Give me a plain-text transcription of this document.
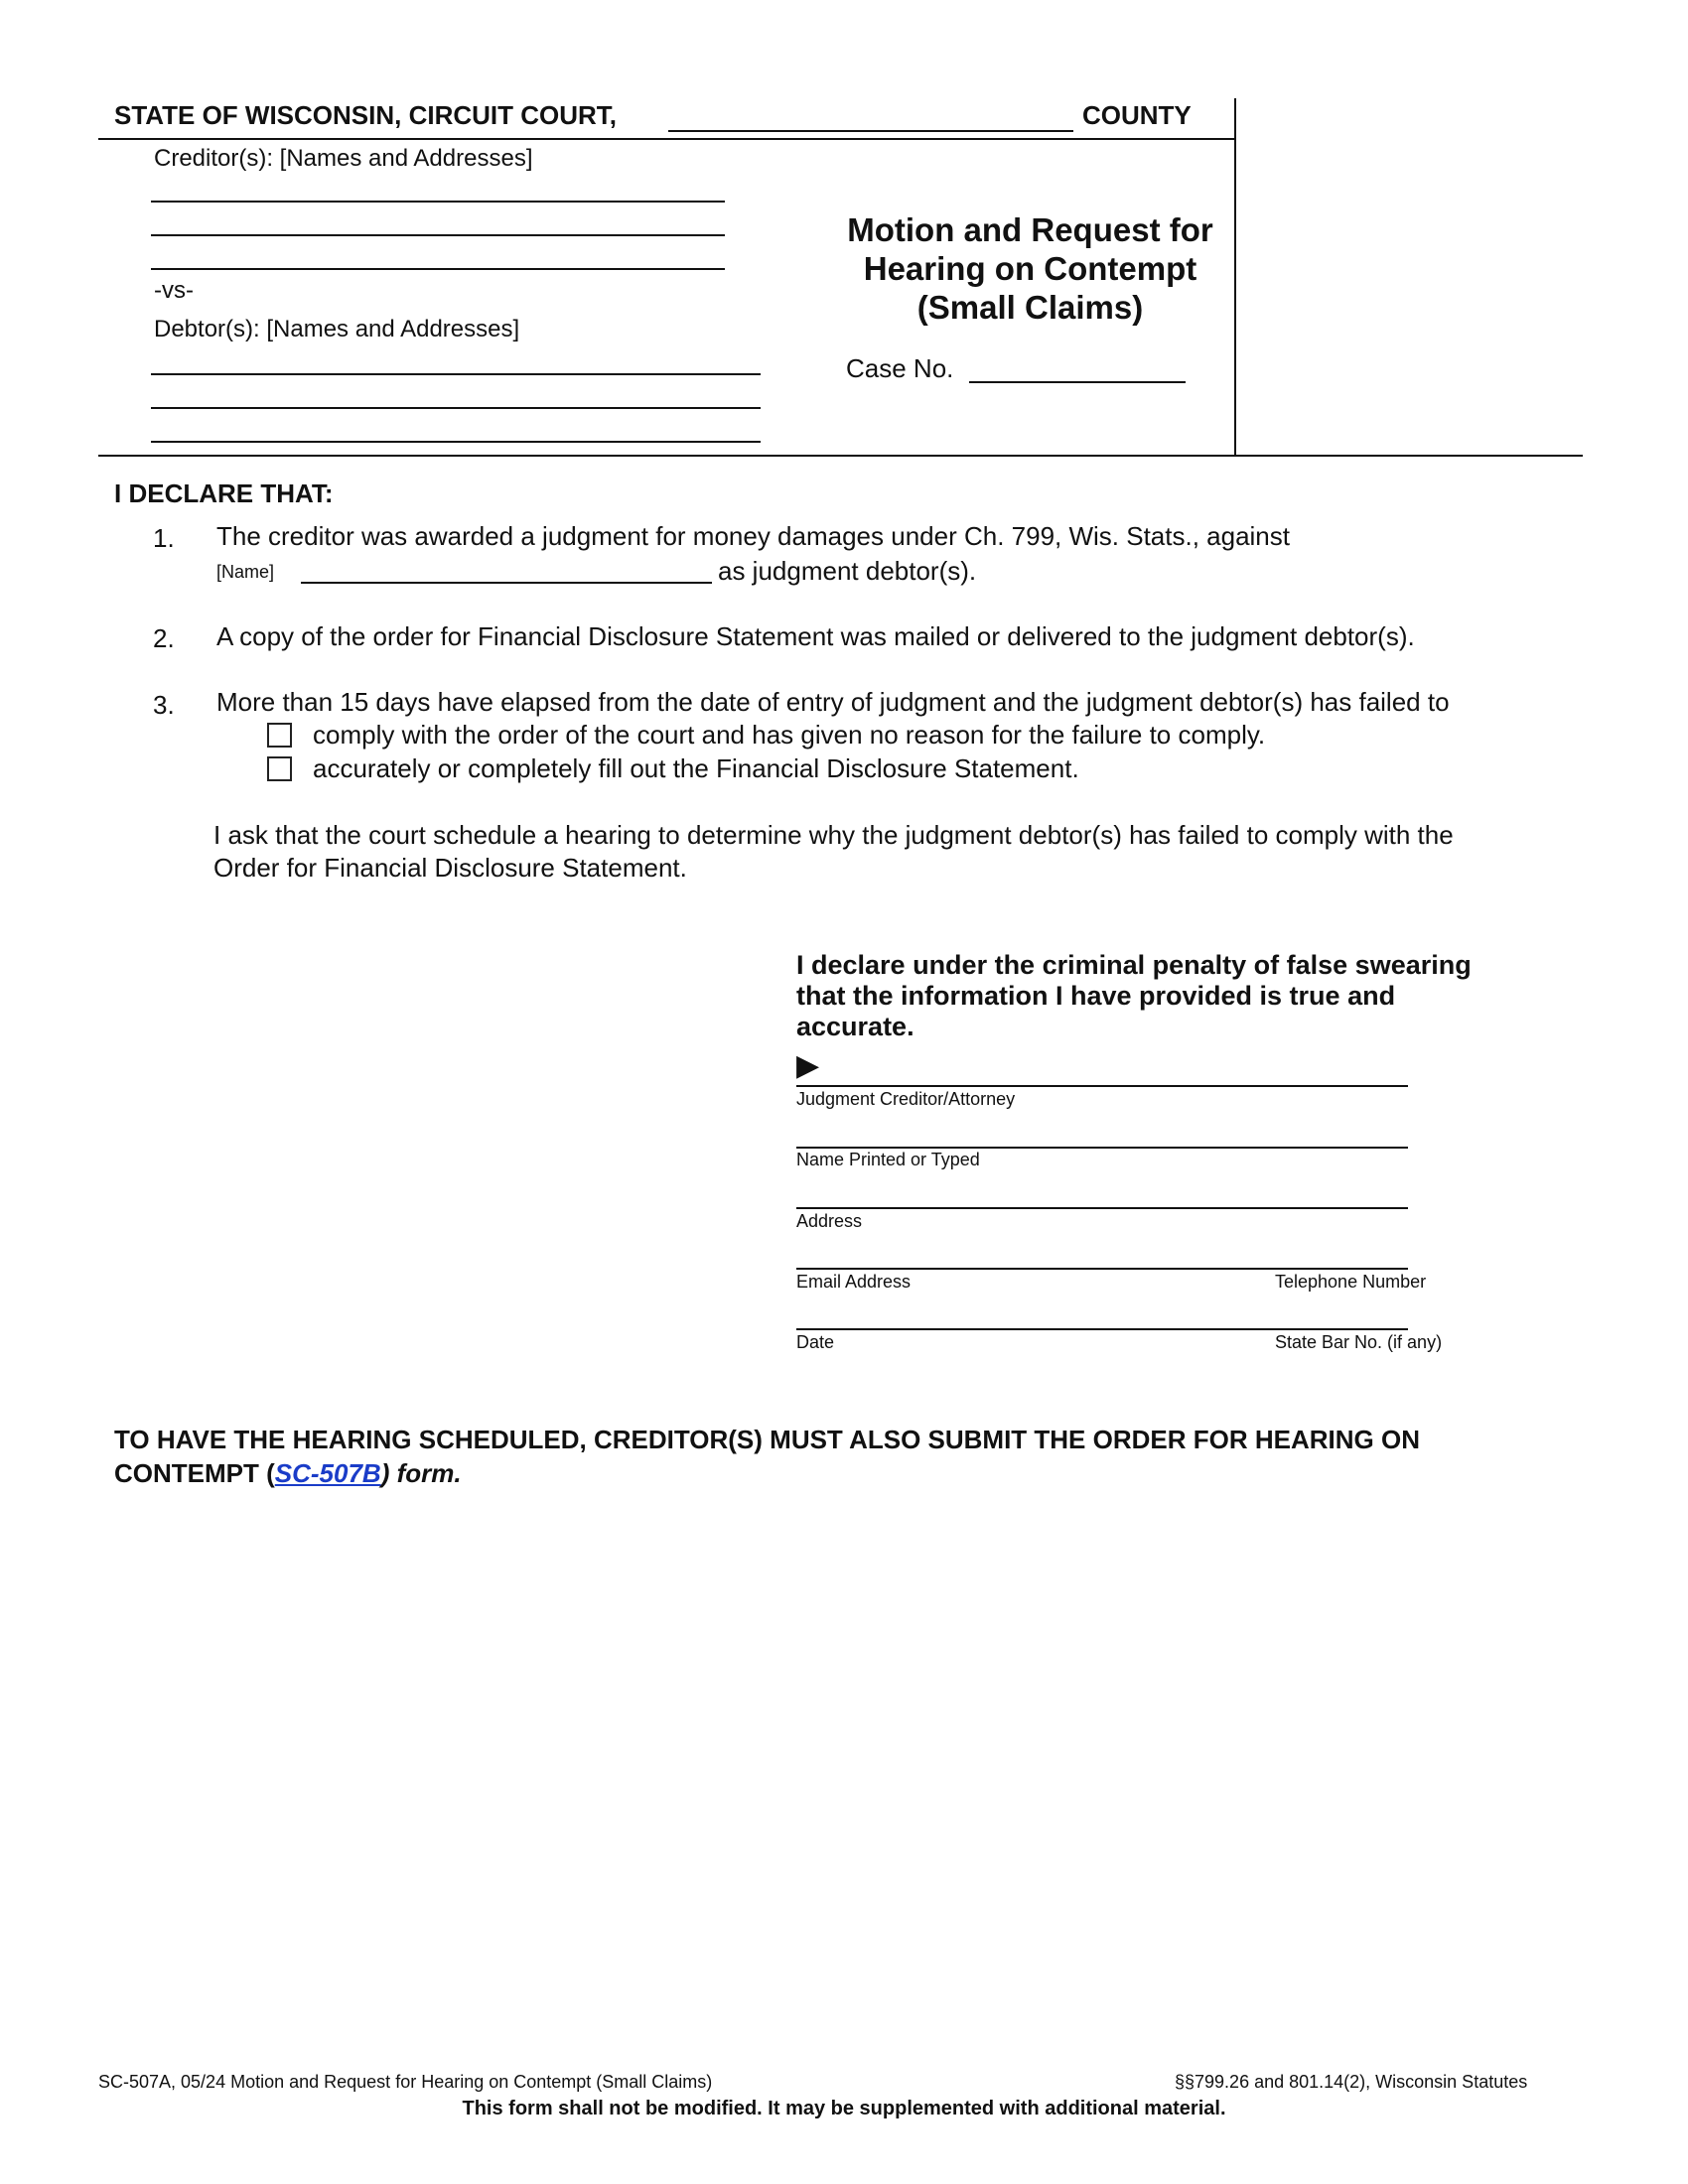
STATE OF WISCONSIN, CIRCUIT COURT,	COUNTY
Creditor(s): [Names and Addresses]
-vs-
Debtor(s): [Names and Addresses]
Motion and Request for
Hearing on Contempt
(Small Claims)
Case No.
I DECLARE THAT:
1. The creditor was awarded a judgment for money damages under Ch. 799, Wis. Stats., against
[Name]	as judgment debtor(s).
2. A copy of the order for Financial Disclosure Statement was mailed or delivered to the judgment debtor(s).
3. More than 15 days have elapsed from the date of entry of judgment and the judgment debtor(s) has failed to
comply with the order of the court and has given no reason for the failure to comply.
accurately or completely fill out the Financial Disclosure Statement.
I ask that the court schedule a hearing to determine why the judgment debtor(s) has failed to comply with the
Order for Financial Disclosure Statement.
I declare under the criminal penalty of false swearing
that the information I have provided is true and
accurate.
▶
Judgment Creditor/Attorney
Name Printed or Typed
Address
Email Address	Telephone Number
Date	State Bar No. (if any)
TO HAVE THE HEARING SCHEDULED, CREDITOR(S) MUST ALSO SUBMIT THE ORDER FOR HEARING ON
CONTEMPT (SC-507B) form.
SC-507A, 05/24 Motion and Request for Hearing on Contempt (Small Claims)	§§799.26 and 801.14(2), Wisconsin Statutes
This form shall not be modified. It may be supplemented with additional material.
